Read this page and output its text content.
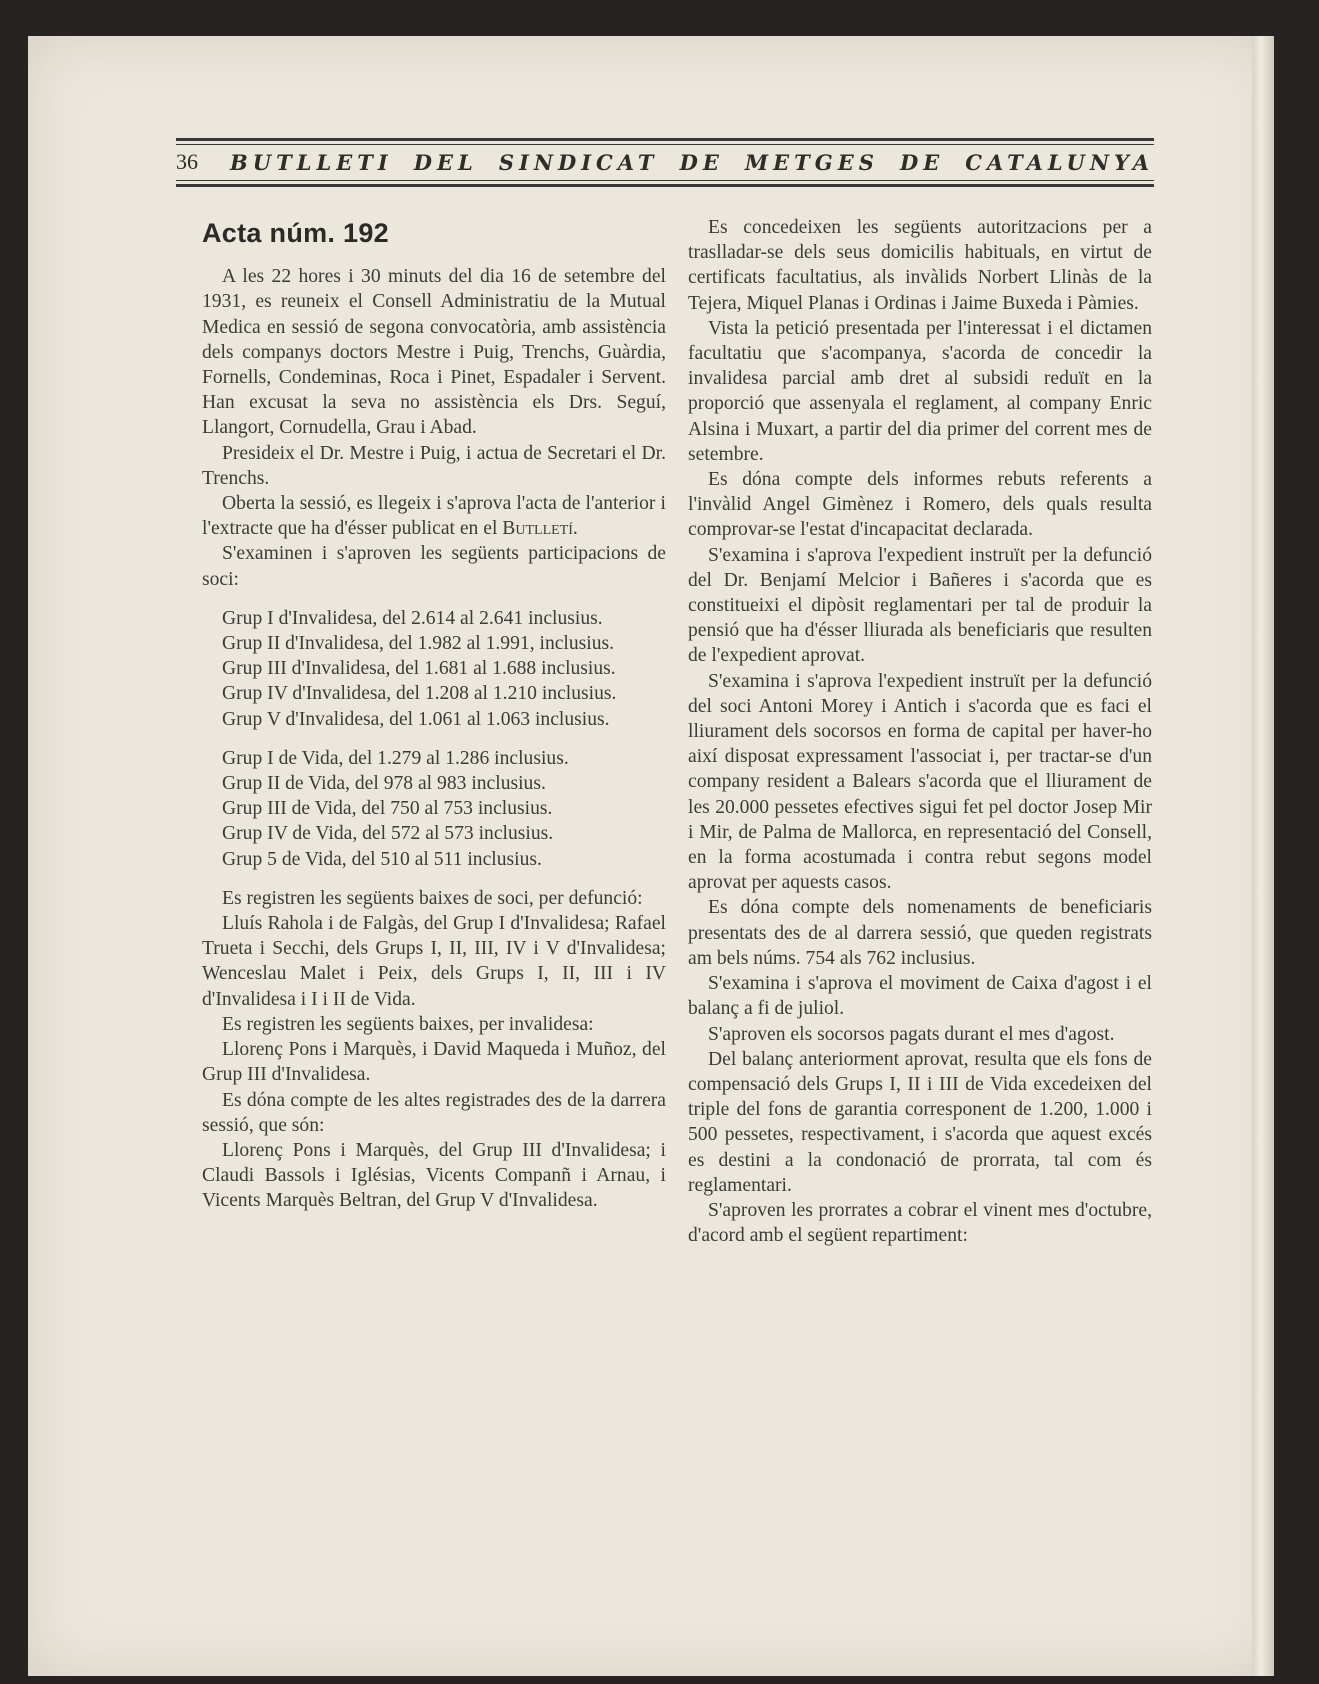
36	BUTLLETI DEL SINDICAT DE METGES DE CATALUNYA
Acta núm. 192

A les 22 hores i 30 minuts del dia 16 de setembre del 1931, es reuneix el Consell Administratiu de la Mutual Medica en sessió de segona convocatòria, amb assistència dels companys doctors Mestre i Puig, Trenchs, Guàrdia, Fornells, Condeminas, Roca i Pinet, Espadaler i Servent. Han excusat la seva no assistència els Drs. Seguí, Llangort, Cornudella, Grau i Abad.

Presideix el Dr. Mestre i Puig, i actua de Secretari el Dr. Trenchs.

Oberta la sessió, es llegeix i s'aprova l'acta de l'anterior i l'extracte que ha d'ésser publicat en el Butlletí.

S'examinen i s'aproven les següents participacions de soci:

Grup I d'Invalidesa, del 2.614 al 2.641 inclusius.

Grup II d'Invalidesa, del 1.982 al 1.991, inclusius.

Grup III d'Invalidesa, del 1.681 al 1.688 inclusius.

Grup IV d'Invalidesa, del 1.208 al 1.210 inclusius.

Grup V d'Invalidesa, del 1.061 al 1.063 inclusius.

Grup I de Vida, del 1.279 al 1.286 inclusius.

Grup II de Vida, del 978 al 983 inclusius.

Grup III de Vida, del 750 al 753 inclusius.

Grup IV de Vida, del 572 al 573 inclusius.

Grup 5 de Vida, del 510 al 511 inclusius.

Es registren les següents baixes de soci, per defunció:

Lluís Rahola i de Falgàs, del Grup I d'Invalidesa; Rafael Trueta i Secchi, dels Grups I, II, III, IV i V d'Invalidesa; Wenceslau Malet i Peix, dels Grups I, II, III i IV d'Invalidesa i I i II de Vida.

Es registren les següents baixes, per invalidesa:

Llorenç Pons i Marquès, i David Maqueda i Muñoz, del Grup III d'Invalidesa.

Es dóna compte de les altes registrades des de la darrera sessió, que són:

Llorenç Pons i Marquès, del Grup III d'Invalidesa; i Claudi Bassols i Iglésias, Vicents Companñ i Arnau, i Vicents Marquès Beltran, del Grup V d'Invalidesa.

Es concedeixen les següents autoritzacions per a traslladar-se dels seus domicilis habituals, en virtut de certificats facultatius, als invàlids Norbert Llinàs de la Tejera, Miquel Planas i Ordinas i Jaime Buxeda i Pàmies.

Vista la petició presentada per l'interessat i el dictamen facultatiu que s'acompanya, s'acorda de concedir la invalidesa parcial amb dret al subsidi reduït en la proporció que assenyala el reglament, al company Enric Alsina i Muxart, a partir del dia primer del corrent mes de setembre.

Es dóna compte dels informes rebuts referents a l'invàlid Angel Gimènez i Romero, dels quals resulta comprovar-se l'estat d'incapacitat declarada.

S'examina i s'aprova l'expedient instruït per la defunció del Dr. Benjamí Melcior i Bañeres i s'acorda que es constitueixi el dipòsit reglamentari per tal de produir la pensió que ha d'ésser lliurada als beneficiaris que resulten de l'expedient aprovat.

S'examina i s'aprova l'expedient instruït per la defunció del soci Antoni Morey i Antich i s'acorda que es faci el lliurament dels socorsos en forma de capital per haver-ho així disposat expressament l'associat i, per tractar-se d'un company resident a Balears s'acorda que el lliurament de les 20.000 pessetes efectives sigui fet pel doctor Josep Mir i Mir, de Palma de Mallorca, en representació del Consell, en la forma acostumada i contra rebut segons model aprovat per aquests casos.

Es dóna compte dels nomenaments de beneficiaris presentats des de al darrera sessió, que queden registrats am bels núms. 754 als 762 inclusius.

S'examina i s'aprova el moviment de Caixa d'agost i el balanç a fi de juliol.

S'aproven els socorsos pagats durant el mes d'agost.

Del balanç anteriorment aprovat, resulta que els fons de compensació dels Grups I, II i III de Vida excedeixen del triple del fons de garantia corresponent de 1.200, 1.000 i 500 pessetes, respectivament, i s'acorda que aquest excés es destini a la condonació de prorrata, tal com és reglamentari.

S'aproven les prorrates a cobrar el vinent mes d'octubre, d'acord amb el següent repartiment:
